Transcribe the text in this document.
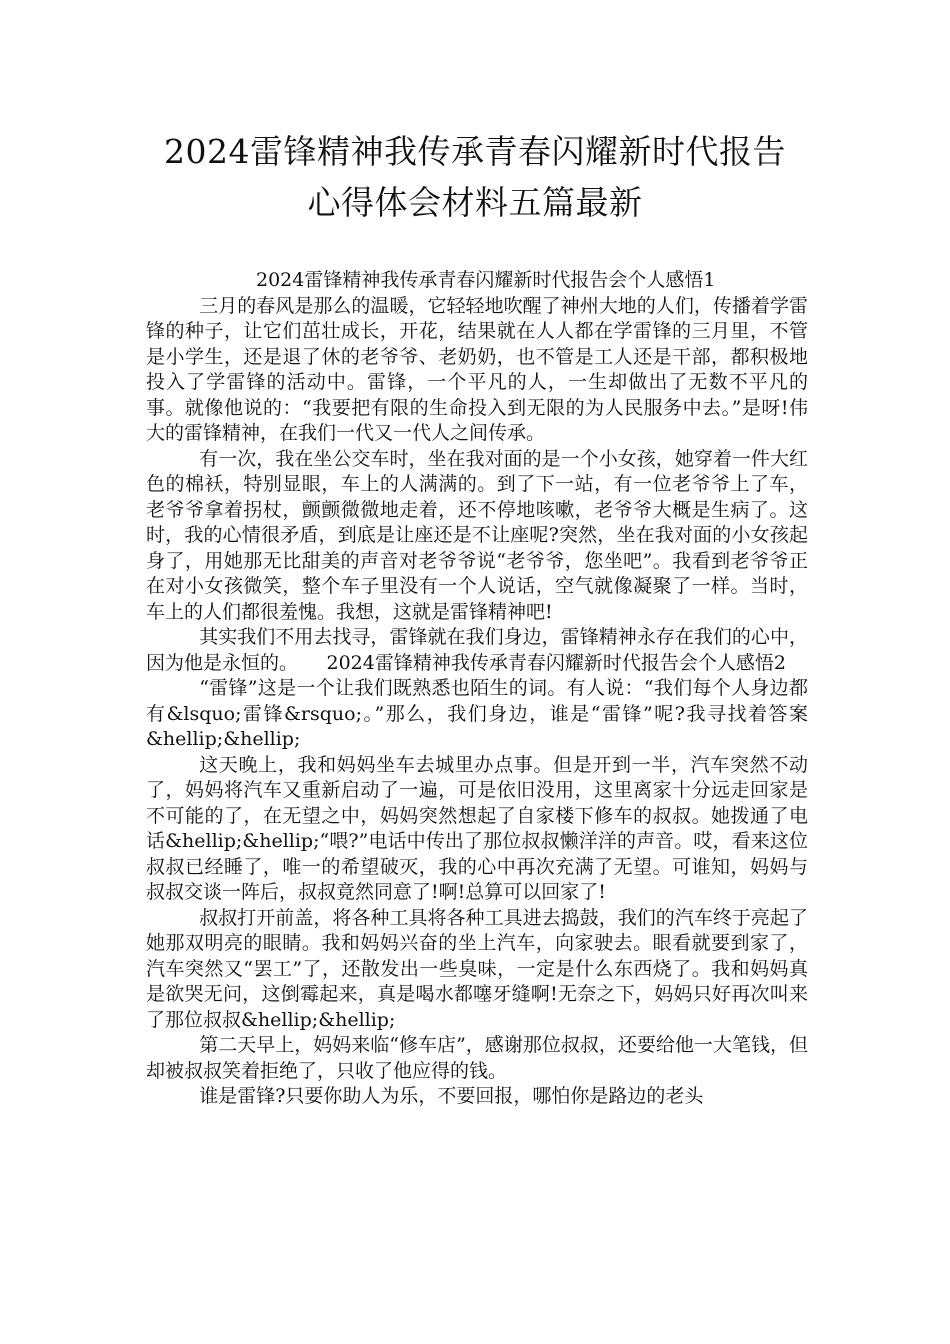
2024雷锋精神我传承青春闪耀新时代报告
心得体会材料五篇最新

2024雷锋精神我传承青春闪耀新时代报告会个人感悟1

三月的春风是那么的温暖，它轻轻地吹醒了神州大地的人们，传播着学雷锋的种子，让它们茁壮成长，开花，结果就在人人都在学雷锋的三月里，不管是小学生，还是退了休的老爷爷、老奶奶，也不管是工人还是干部，都积极地投入了学雷锋的活动中。雷锋，一个平凡的人，一生却做出了无数不平凡的事。就像他说的：“我要把有限的生命投入到无限的为人民服务中去。”是呀!伟大的雷锋精神，在我们一代又一代人之间传承。

有一次，我在坐公交车时，坐在我对面的是一个小女孩，她穿着一件大红色的棉袄，特别显眼，车上的人满满的。到了下一站，有一位老爷爷上了车，老爷爷拿着拐杖，颤颤微微地走着，还不停地咳嗽，老爷爷大概是生病了。这时，我的心情很矛盾，到底是让座还是不让座呢?突然，坐在我对面的小女孩起身了，用她那无比甜美的声音对老爷爷说“老爷爷，您坐吧”。我看到老爷爷正在对小女孩微笑，整个车子里没有一个人说话，空气就像凝聚了一样。当时，车上的人们都很羞愧。我想，这就是雷锋精神吧!

其实我们不用去找寻，雷锋就在我们身边，雷锋精神永存在我们的心中，因为他是永恒的。　　2024雷锋精神我传承青春闪耀新时代报告会个人感悟2

“雷锋”这是一个让我们既熟悉也陌生的词。有人说：“我们每个人身边都有&lsquo;雷锋&rsquo;。”那么，我们身边，谁是“雷锋”呢?我寻找着答案&hellip;&hellip;

这天晚上，我和妈妈坐车去城里办点事。但是开到一半，汽车突然不动了，妈妈将汽车又重新启动了一遍，可是依旧没用，这里离家十分远走回家是不可能的了，在无望之中，妈妈突然想起了自家楼下修车的叔叔。她拨通了电话&hellip;&hellip;“喂?”电话中传出了那位叔叔懒洋洋的声音。哎，看来这位叔叔已经睡了，唯一的希望破灭，我的心中再次充满了无望。可谁知，妈妈与叔叔交谈一阵后，叔叔竟然同意了!啊!总算可以回家了!

叔叔打开前盖，将各种工具将各种工具进去捣鼓，我们的汽车终于亮起了她那双明亮的眼睛。我和妈妈兴奋的坐上汽车，向家驶去。眼看就要到家了，汽车突然又“罢工”了，还散发出一些臭味，一定是什么东西烧了。我和妈妈真是欲哭无问，这倒霉起来，真是喝水都噻牙缝啊!无奈之下，妈妈只好再次叫来了那位叔叔&hellip;&hellip;

第二天早上，妈妈来临“修车店”，感谢那位叔叔，还要给他一大笔钱，但却被叔叔笑着拒绝了，只收了他应得的钱。

谁是雷锋?只要你助人为乐，不要回报，哪怕你是路边的老头
